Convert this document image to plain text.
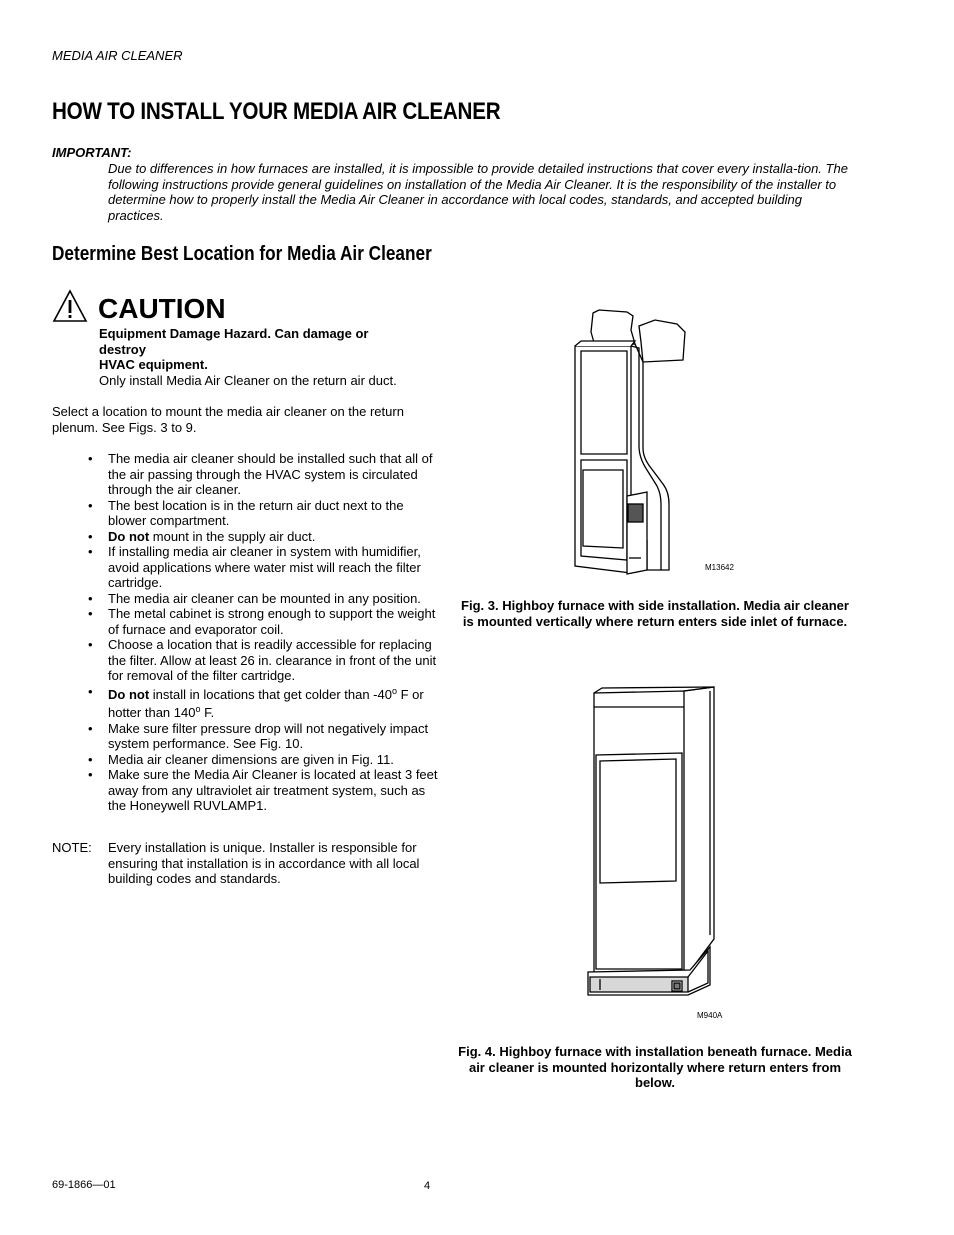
MEDIA AIR CLEANER
HOW TO INSTALL YOUR MEDIA AIR CLEANER
IMPORTANT:
Due to differences in how furnaces are installed, it is impossible to provide detailed instructions that cover every installa-tion. The following instructions provide general guidelines on installation of the Media Air Cleaner. It is the responsibility of the installer to determine how to properly install the Media Air Cleaner in accordance with local codes, standards, and accepted building practices.
Determine Best Location for Media Air Cleaner
CAUTION
Equipment Damage Hazard. Can damage or destroy
HVAC equipment.
Only install Media Air Cleaner on the return air duct.
Select a location to mount the media air cleaner on the return plenum. See Figs. 3 to 9.
• The media air cleaner should be installed such that all of the air passing through the HVAC system is circulated through the air cleaner.
• The best location is in the return air duct next to the blower compartment.
• Do not mount in the supply air duct.
• If installing media air cleaner in system with humidifier, avoid applications where water mist will reach the filter cartridge.
• The media air cleaner can be mounted in any position.
• The metal cabinet is strong enough to support the weight of furnace and evaporator coil.
• Choose a location that is readily accessible for replacing the filter. Allow at least 26 in. clearance in front of the unit for removal of the filter cartridge.
• Do not install in locations that get colder than -40$^o$ F or hotter than 140$^o$ F.
• Make sure filter pressure drop will not negatively impact system performance. See Fig. 10.
• Media air cleaner dimensions are given in Fig. 11.
• Make sure the Media Air Cleaner is located at least 3 feet away from any ultraviolet air treatment system, such as the Honeywell RUVLAMP1.
NOTE: Every installation is unique. Installer is responsible for ensuring that installation is in accordance with all local building codes and standards.
M13642
Fig. 3. Highboy furnace with side installation. Media air cleaner is mounted vertically where return enters side inlet of furnace.
M940A
Fig. 4. Highboy furnace with installation beneath furnace. Media air cleaner is mounted horizontally where return enters from below.
69-1866—01	4
